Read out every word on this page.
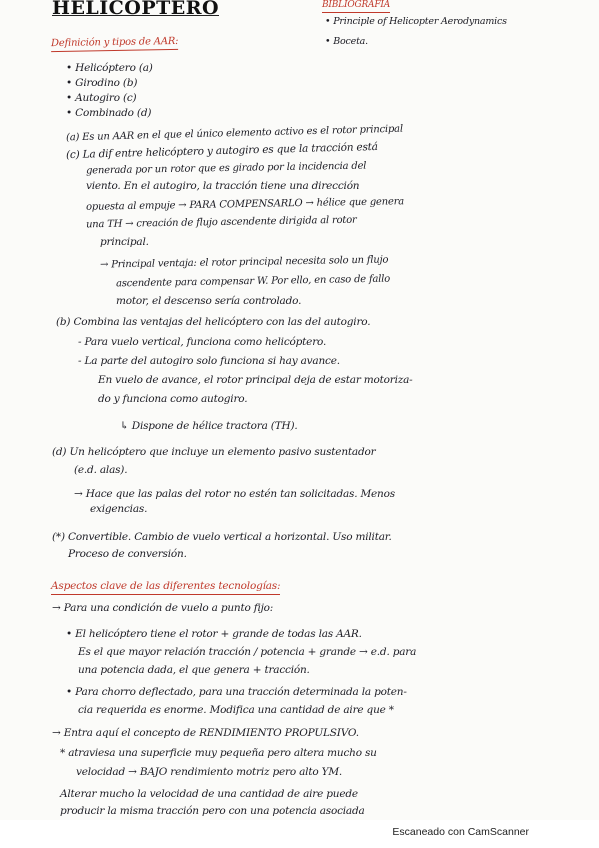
HELICOPTERO	BIBLIOGRAFÍA
• Principle of Helicopter Aerodynamics
• Boceta.
Definición y tipos de AAR:
• Helicóptero (a)
• Girodino (b)
• Autogiro (c)
• Combinado (d)
(a) Es un AAR en el que el único elemento activo es el rotor principal
(c) La dif entre helicóptero y autogiro es que la tracción está
generada por un rotor que es girado por la incidencia del
viento. En el autogiro, la tracción tiene una dirección
opuesta al empuje → PARA COMPENSARLO → hélice que genera
una TH → creación de flujo ascendente dirigida al rotor
principal.
→ Principal ventaja: el rotor principal necesita solo un flujo
ascendente para compensar W. Por ello, en caso de fallo
motor, el descenso sería controlado.
(b) Combina las ventajas del helicóptero con las del autogiro.
- Para vuelo vertical, funciona como helicóptero.
- La parte del autogiro solo funciona si hay avance.
En vuelo de avance, el rotor principal deja de estar motoriza-
do y funciona como autogiro.
↳ Dispone de hélice tractora (TH).
(d) Un helicóptero que incluye un elemento pasivo sustentador
(e.d. alas).
→ Hace que las palas del rotor no estén tan solicitadas. Menos
exigencias.
(*) Convertible. Cambio de vuelo vertical a horizontal. Uso militar.
Proceso de conversión.
Aspectos clave de las diferentes tecnologías:
→ Para una condición de vuelo a punto fijo:
• El helicóptero tiene el rotor + grande de todas las AAR.
Es el que mayor relación tracción / potencia + grande → e.d. para
una potencia dada, el que genera + tracción.
• Para chorro deflectado, para una tracción determinada la poten-
cia requerida es enorme. Modifica una cantidad de aire que *
→ Entra aquí el concepto de RENDIMIENTO PROPULSIVO.
* atraviesa una superficie muy pequeña pero altera mucho su
velocidad → BAJO rendimiento motriz pero alto YM.
Alterar mucho la velocidad de una cantidad de aire puede
producir la misma tracción pero con una potencia asociada
Escaneado con CamScanner
